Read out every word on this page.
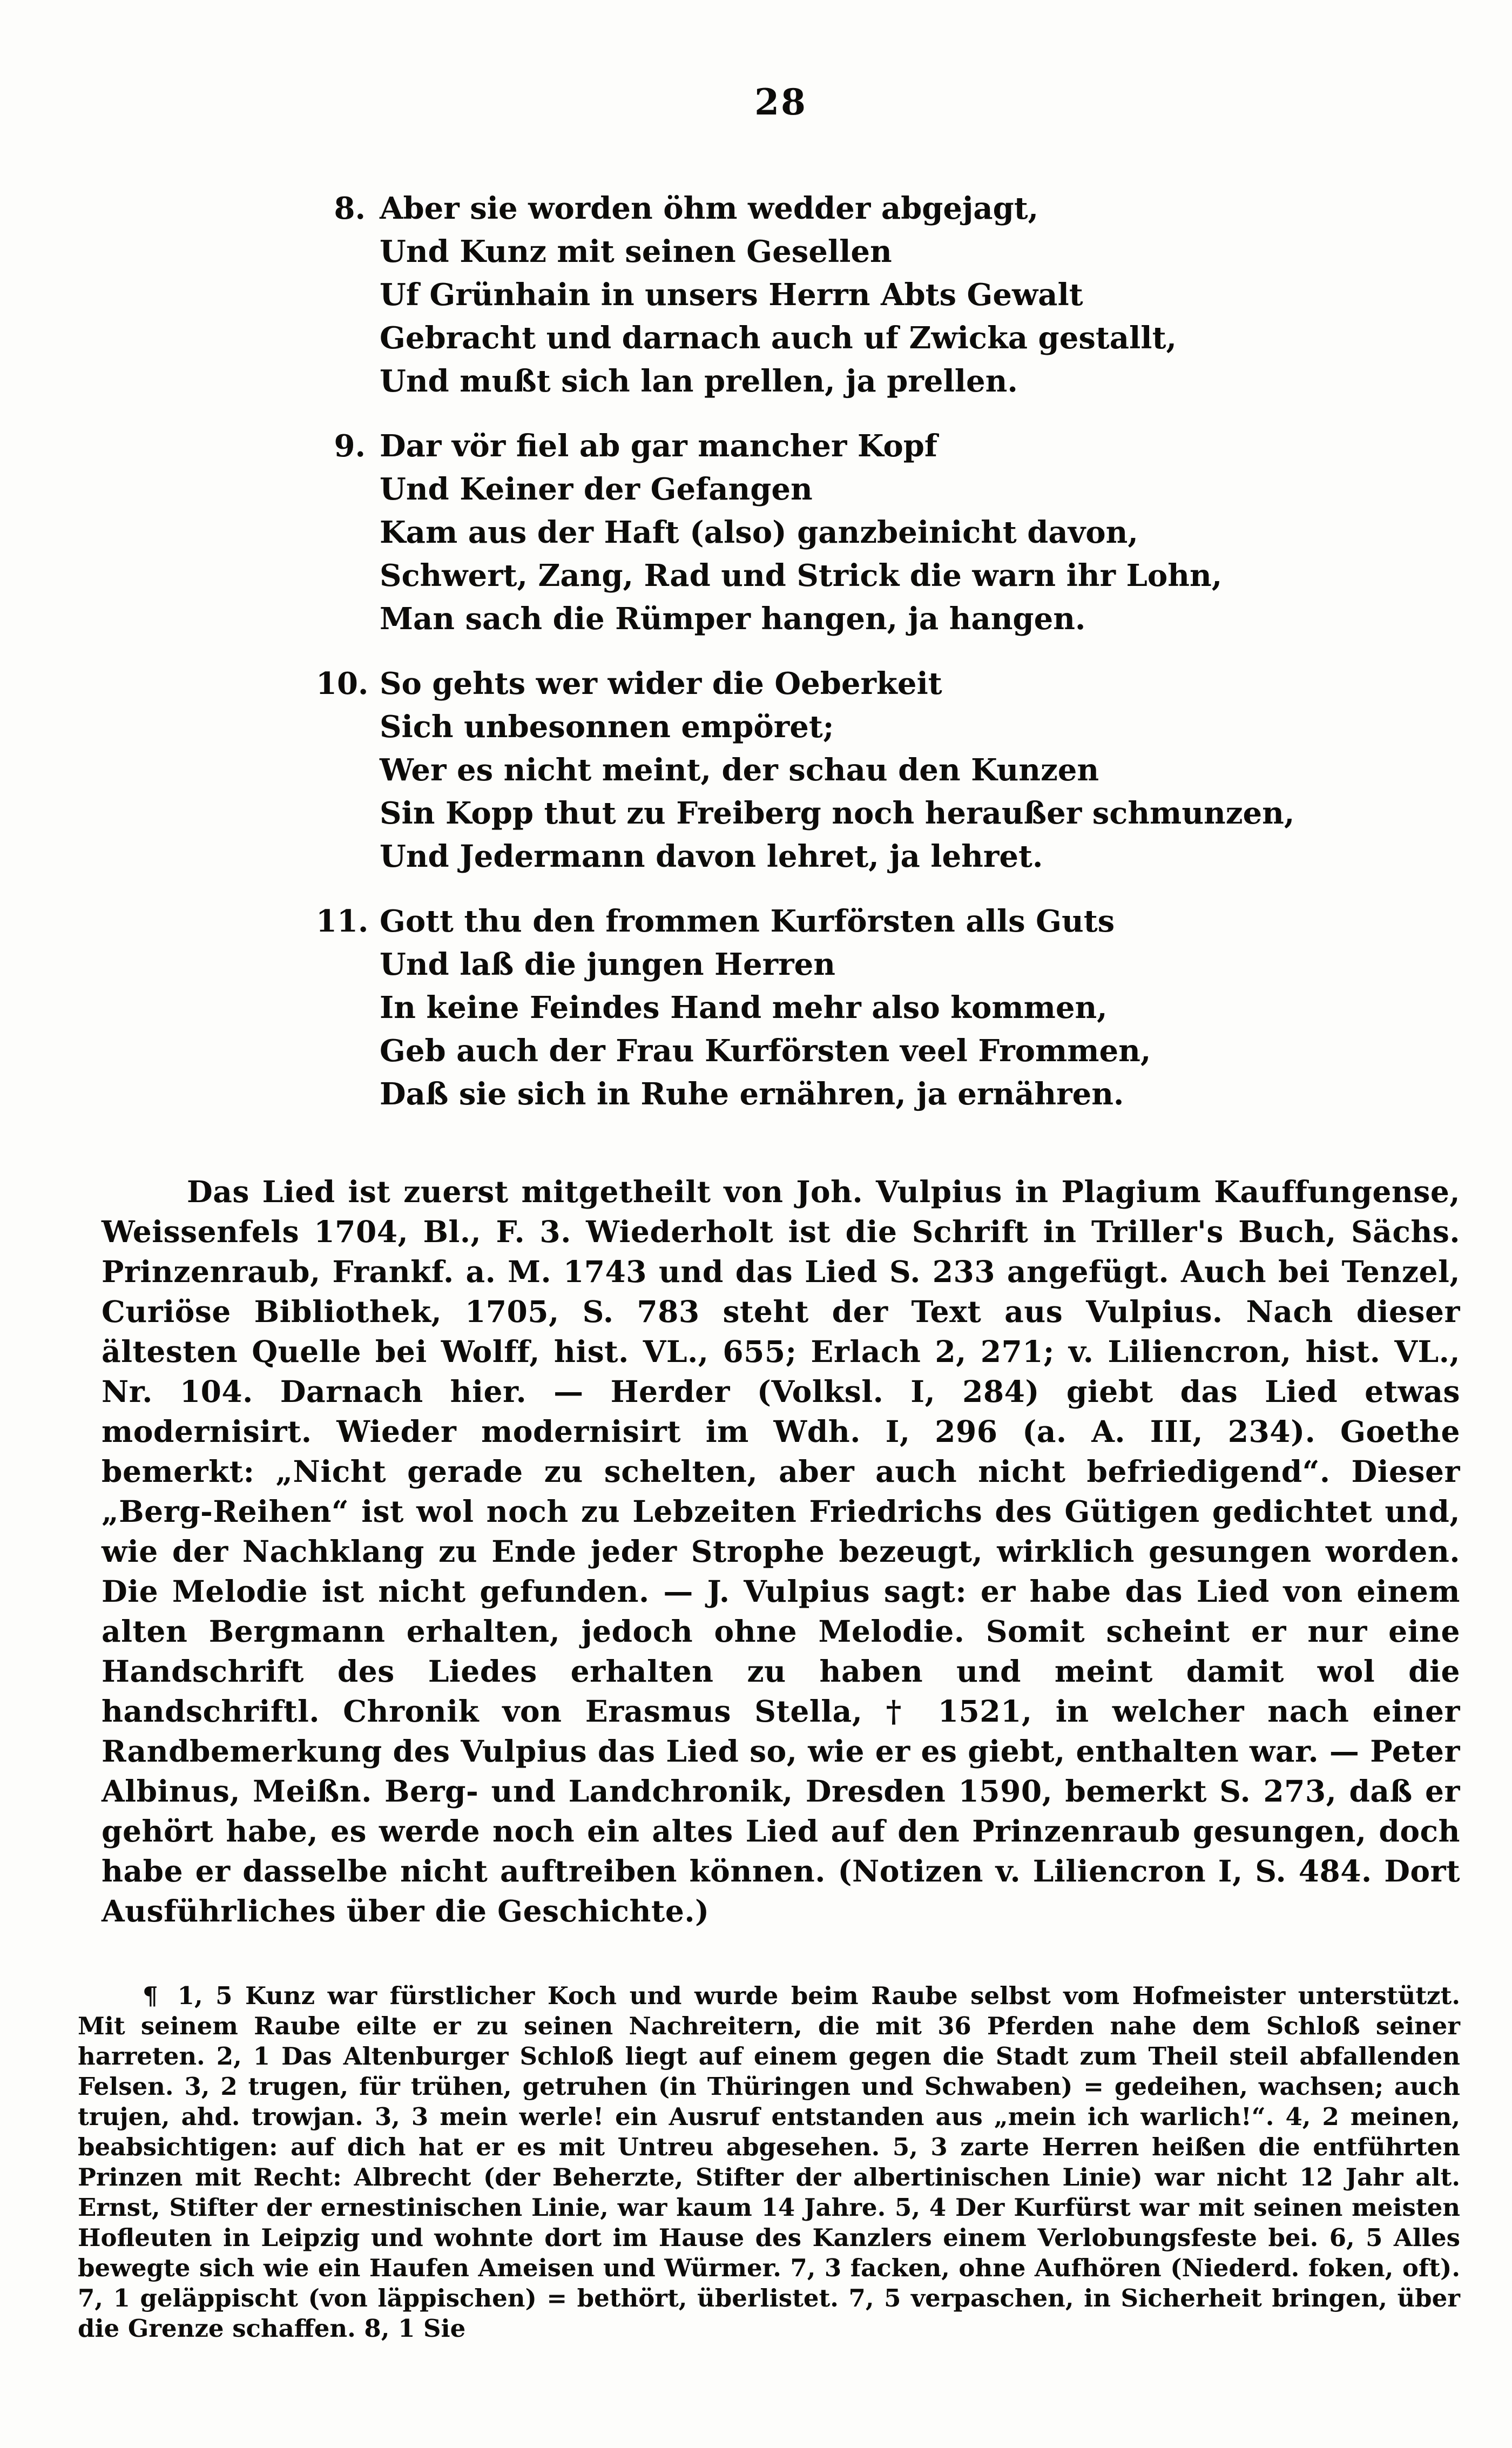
28
8. Aber sie worden öhm wedder abgejagt,
Und Kunz mit seinen Gesellen
Uf Grünhain in unsers Herrn Abts Gewalt
Gebracht und darnach auch uf Zwicka gestallt,
Und mußt sich lan prellen, ja prellen.
9. Dar vör fiel ab gar mancher Kopf
Und Keiner der Gefangen
Kam aus der Haft (also) ganzbeinicht davon,
Schwert, Zang, Rad und Strick die warn ihr Lohn,
Man sach die Rümper hangen, ja hangen.
10. So gehts wer wider die Oeberkeit
Sich unbesonnen empöret;
Wer es nicht meint, der schau den Kunzen
Sin Kopp thut zu Freiberg noch heraußer schmunzen,
Und Jedermann davon lehret, ja lehret.
11. Gott thu den frommen Kurförsten alls Guts
Und laß die jungen Herren
In keine Feindes Hand mehr also kommen,
Geb auch der Frau Kurförsten veel Frommen,
Daß sie sich in Ruhe ernähren, ja ernähren.

Das Lied ist zuerst mitgetheilt von Joh. Vulpius in Plagium Kauffungense, Weissenfels 1704, Bl., F. 3. Wiederholt ist die Schrift in Triller's Buch, Sächs. Prinzenraub, Frankf. a. M. 1743 und das Lied S. 233 angefügt. Auch bei Tenzel, Curiöse Bibliothek, 1705, S. 783 steht der Text aus Vulpius. Nach dieser ältesten Quelle bei Wolff, hist. VL., 655; Erlach 2, 271; v. Liliencron, hist. VL., Nr. 104. Darnach hier. — Herder (Volksl. I, 284) giebt das Lied etwas modernisirt. Wieder modernisirt im Wdh. I, 296 (a. A. III, 234). Goethe bemerkt: „Nicht gerade zu schelten, aber auch nicht befriedigend“. Dieser „Berg-Reihen“ ist wol noch zu Lebzeiten Friedrichs des Gütigen gedichtet und, wie der Nachklang zu Ende jeder Strophe bezeugt, wirklich gesungen worden. Die Melodie ist nicht gefunden. — J. Vulpius sagt: er habe das Lied von einem alten Bergmann erhalten, jedoch ohne Melodie. Somit scheint er nur eine Handschrift des Liedes erhalten zu haben und meint damit wol die handschriftl. Chronik von Erasmus Stella, † 1521, in welcher nach einer Randbemerkung des Vulpius das Lied so, wie er es giebt, enthalten war. — Peter Albinus, Meißn. Berg- und Landchronik, Dresden 1590, bemerkt S. 273, daß er gehört habe, es werde noch ein altes Lied auf den Prinzenraub gesungen, doch habe er dasselbe nicht auftreiben können. (Notizen v. Liliencron I, S. 484. Dort Ausführliches über die Geschichte.)

¶ 1, 5 Kunz war fürstlicher Koch und wurde beim Raube selbst vom Hofmeister unterstützt. Mit seinem Raube eilte er zu seinen Nachreitern, die mit 36 Pferden nahe dem Schloß seiner harreten. 2, 1 Das Altenburger Schloß liegt auf einem gegen die Stadt zum Theil steil abfallenden Felsen. 3, 2 trugen, für trühen, getruhen (in Thüringen und Schwaben) = gedeihen, wachsen; auch trujen, ahd. trowjan. 3, 3 mein werle! ein Ausruf entstanden aus „mein ich warlich!“. 4, 2 meinen, beabsichtigen: auf dich hat er es mit Untreu abgesehen. 5, 3 zarte Herren heißen die entführten Prinzen mit Recht: Albrecht (der Beherzte, Stifter der albertinischen Linie) war nicht 12 Jahr alt. Ernst, Stifter der ernestinischen Linie, war kaum 14 Jahre. 5, 4 Der Kurfürst war mit seinen meisten Hofleuten in Leipzig und wohnte dort im Hause des Kanzlers einem Verlobungsfeste bei. 6, 5 Alles bewegte sich wie ein Haufen Ameisen und Würmer. 7, 3 facken, ohne Aufhören (Niederd. foken, oft). 7, 1 geläppischt (von läppischen) = bethört, überlistet. 7, 5 verpaschen, in Sicherheit bringen, über die Grenze schaffen. 8, 1 Sie
